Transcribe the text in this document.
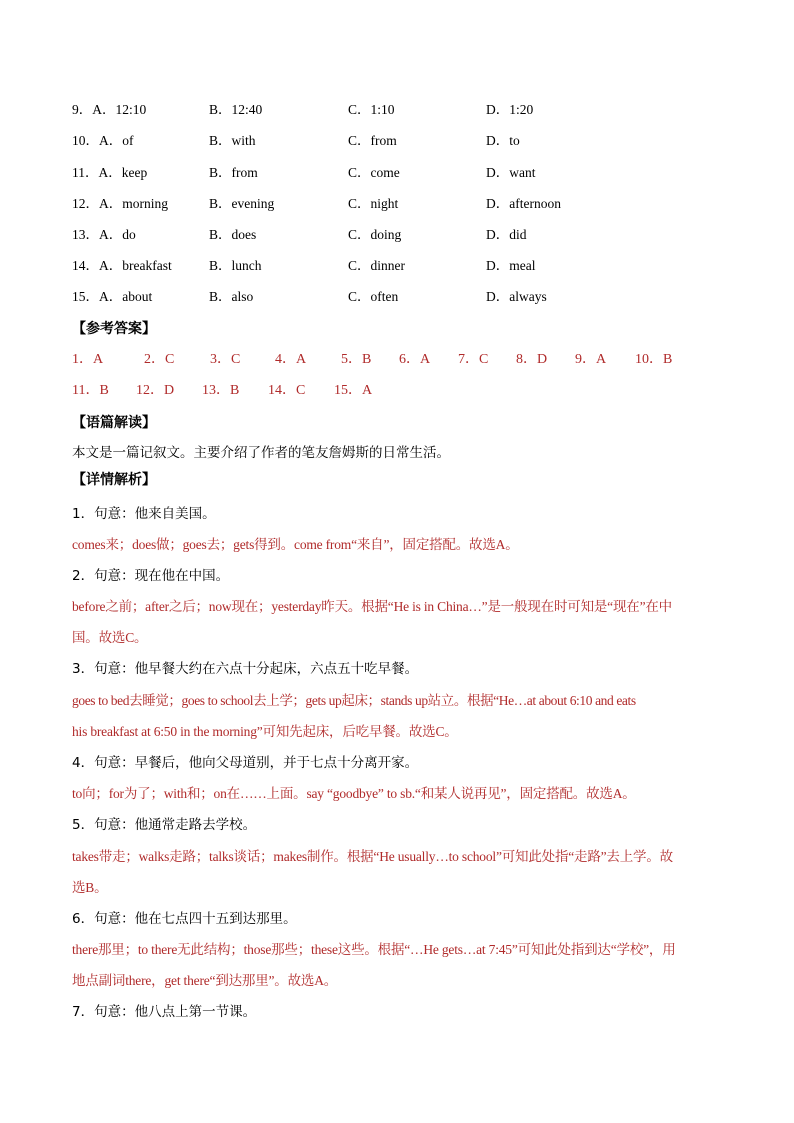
9．A．12:10	B．12:40	C．1:10	D．1:20
10．A．of	B．with	C．from	D．to
11．A．keep	B．from	C．come	D．want
12．A．morning	B．evening	C．night	D．afternoon
13．A．do	B．does	C．doing	D．did
14．A．breakfast	B．lunch	C．dinner	D．meal
15．A．about	B．also	C．often	D．always
【参考答案】
1．A	2．C	3．C 4．A 5．B 6．A 7．C 8．D 9．A 10．B
11．B 12．D 13．B 14．C 15．A
【语篇解读】
本文是一篇记叙文。主要介绍了作者的笔友詹姆斯的日常生活。
【详情解析】
1．句意：他来自美国。
comes来；does做；goes去；gets得到。come from“来自”，固定搭配。故选A。
2．句意：现在他在中国。
before之前；after之后；now现在；yesterday昨天。根据“He is in China…”是一般现在时可知是“现在”在中
国。故选C。
3．句意：他早餐大约在六点十分起床，六点五十吃早餐。
goes to bed去睡觉；goes to school去上学；gets up起床；stands up站立。根据“He…at about 6:10 and eats
his breakfast at 6:50 in the morning”可知先起床，后吃早餐。故选C。
4．句意：早餐后，他向父母道别，并于七点十分离开家。
to向；for为了；with和；on在……上面。say “goodbye” to sb.“和某人说再见”，固定搭配。故选A。
5．句意：他通常走路去学校。
takes带走；walks走路；talks谈话；makes制作。根据“He usually…to school”可知此处指“走路”去上学。故
选B。
6．句意：他在七点四十五到达那里。
there那里；to there无此结构；those那些；these这些。根据“…He gets…at 7:45”可知此处指到达“学校”，用
地点副词there，get there“到达那里”。故选A。
7．句意：他八点上第一节课。
